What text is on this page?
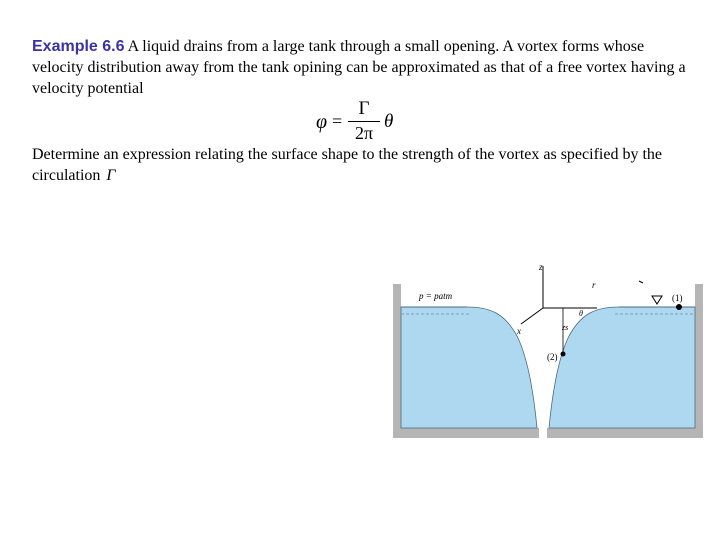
Example 6.6 A liquid drains from a large tank through a small opening. A vortex forms whose velocity distribution away from the tank opining can be approximated as that of a free vortex having a velocity potential

φ =
Γ
2π
θ

Determine an expression relating the surface shape to the strength of the vortex as specified by the circulation Γ

p = patm
z
r
θ
x	zs
(1)
(2)
